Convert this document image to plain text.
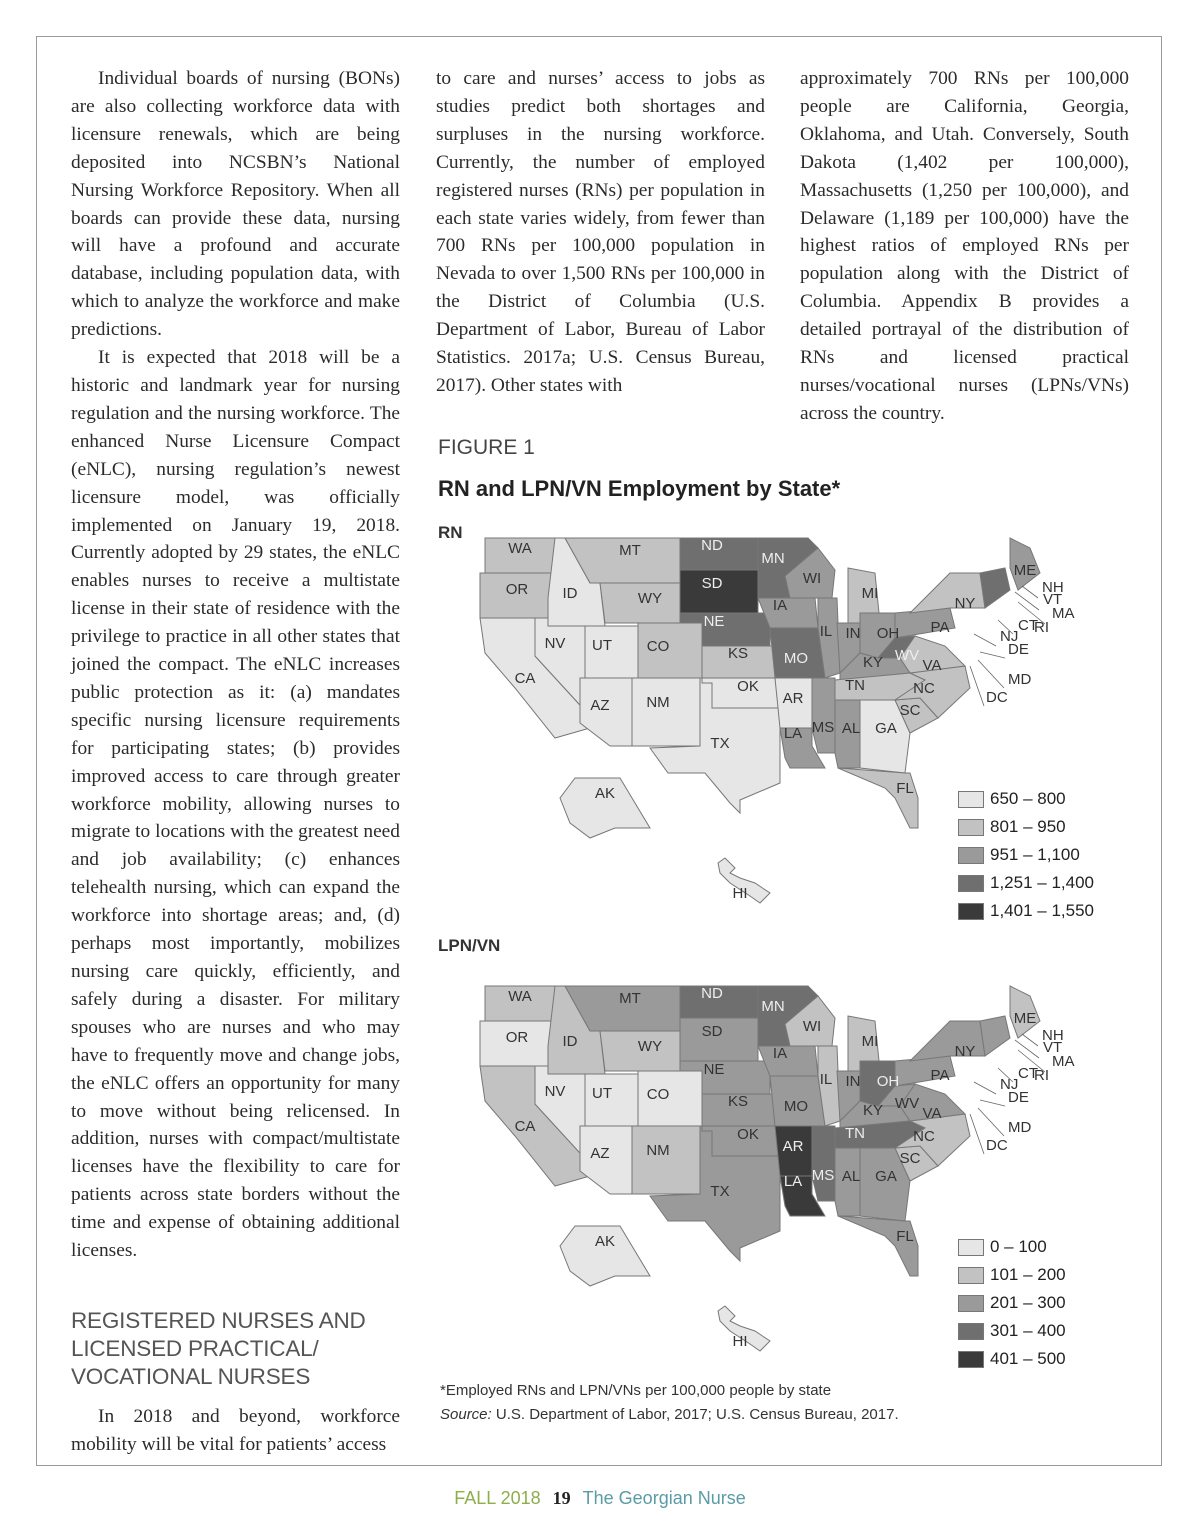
Individual boards of nursing (BONs) are also collecting workforce data with licensure renewals, which are being deposited into NCSBN’s National Nursing Workforce Repository. When all boards can provide these data, nursing will have a profound and accurate database, including population data, with which to analyze the workforce and make predictions.

It is expected that 2018 will be a historic and landmark year for nursing regulation and the nursing workforce. The enhanced Nurse Licensure Compact (eNLC), nursing regulation’s newest licensure model, was officially implemented on January 19, 2018. Currently adopted by 29 states, the eNLC enables nurses to receive a multistate license in their state of residence with the privilege to practice in all other states that joined the compact. The eNLC increases public protection as it: (a) mandates specific nursing licensure requirements for participating states; (b) provides improved access to care through greater workforce mobility, allowing nurses to migrate to locations with the greatest need and job availability; (c) enhances telehealth nursing, which can expand the workforce into shortage areas; and, (d) perhaps most importantly, mobilizes nursing care quickly, efficiently, and safely during a disaster. For military spouses who are nurses and who may have to frequently move and change jobs, the eNLC offers an opportunity for many to move without being relicensed. In addition, nurses with compact/multistate licenses have the flexibility to care for patients across state borders without the time and expense of obtaining additional licenses.

REGISTERED NURSES AND LICENSED PRACTICAL/ VOCATIONAL NURSES

In 2018 and beyond, workforce mobility will be vital for patients’ access

to care and nurses’ access to jobs as studies predict both shortages and surpluses in the nursing workforce. Currently, the number of employed registered nurses (RNs) per population in each state varies widely, from fewer than 700 RNs per 100,000 population in Nevada to over 1,500 RNs per 100,000 in the District of Columbia (U.S. Department of Labor, Bureau of Labor Statistics. 2017a; U.S. Census Bureau, 2017). Other states with

approximately 700 RNs per 100,000 people are California, Georgia, Oklahoma, and Utah. Conversely, South Dakota (1,402 per 100,000), Massachusetts (1,250 per 100,000), and Delaware (1,189 per 100,000) have the highest ratios of employed RNs per population along with the District of Columbia. Appendix B provides a detailed portrayal of the distribution of RNs and licensed practical nurses/vocational nurses (LPNs/VNs) across the country.

FIGURE 1
RN and LPN/VN Employment by State*
RN
WA
OR
CA
NV
ID
MT
WY
UT CO
AZ NM
TX
ND
SD
NE
KS
OK
MN
IA
MO
AR
LA
WI
IL
MS
MI
IN OH
KY
TN
AL GA
FL
SC
NC
VA
WV
PA
NY
ME
AK
HI
NH
VT
MA
CT
RI
NJ
DE
MD
DC
650 – 800
801 – 950
951 – 1,100
1,251 – 1,400
1,401 – 1,550
LPN/VN
WA
OR
CA
NV
ID
MT
WY
UT CO
AZ NM
TX
ND
SD
NE
KS
OK
MN
IA
MO
AR
LA
WI
IL
MS
MI
IN OH
KY
TN
AL GA
FL
SC
NC
VA
WV
PA
NY
ME
AK
HI
NH
VT
MA
CT
RI
NJ
DE
MD
DC
0 – 100
101 – 200
201 – 300
301 – 400
401 – 500
*Employed RNs and LPN/VNs per 100,000 people by state
Source: U.S. Department of Labor, 2017; U.S. Census Bureau, 2017.
FALL 2018 19 The Georgian Nurse
